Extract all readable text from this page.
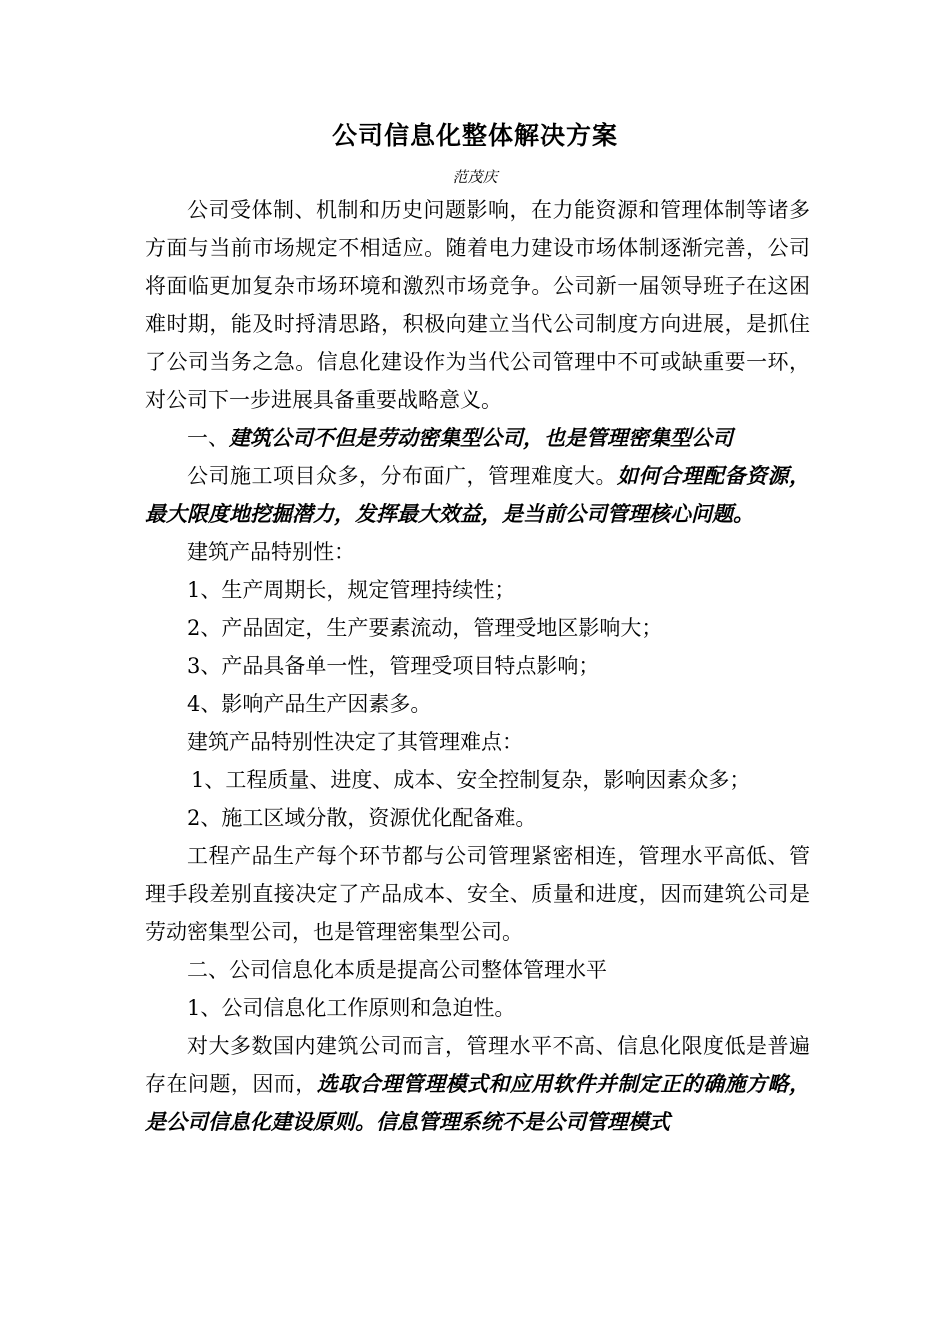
公司信息化整体解决方案
范茂庆

公司受体制、机制和历史问题影响，在力能资源和管理体制等诸多方面与当前市场规定不相适应。随着电力建设市场体制逐渐完善，公司将面临更加复杂市场环境和激烈市场竞争。公司新一届领导班子在这困难时期，能及时捋清思路，积极向建立当代公司制度方向进展，是抓住了公司当务之急。信息化建设作为当代公司管理中不可或缺重要一环，对公司下一步进展具备重要战略意义。

一、建筑公司不但是劳动密集型公司，也是管理密集型公司

公司施工项目众多，分布面广，管理难度大。如何合理配备资源，最大限度地挖掘潜力，发挥最大效益，是当前公司管理核心问题。

建筑产品特别性：

1、生产周期长，规定管理持续性；

2、产品固定，生产要素流动，管理受地区影响大；

3、产品具备单一性，管理受项目特点影响；

4、影响产品生产因素多。

建筑产品特别性决定了其管理难点：

1、工程质量、进度、成本、安全控制复杂，影响因素众多；

2、施工区域分散，资源优化配备难。

工程产品生产每个环节都与公司管理紧密相连，管理水平高低、管理手段差别直接决定了产品成本、安全、质量和进度，因而建筑公司是劳动密集型公司，也是管理密集型公司。

二、公司信息化本质是提高公司整体管理水平

1、公司信息化工作原则和急迫性。

对大多数国内建筑公司而言，管理水平不高、信息化限度低是普遍存在问题，因而，选取合理管理模式和应用软件并制定正的确施方略，是公司信息化建设原则。信息管理系统不是公司管理模式
